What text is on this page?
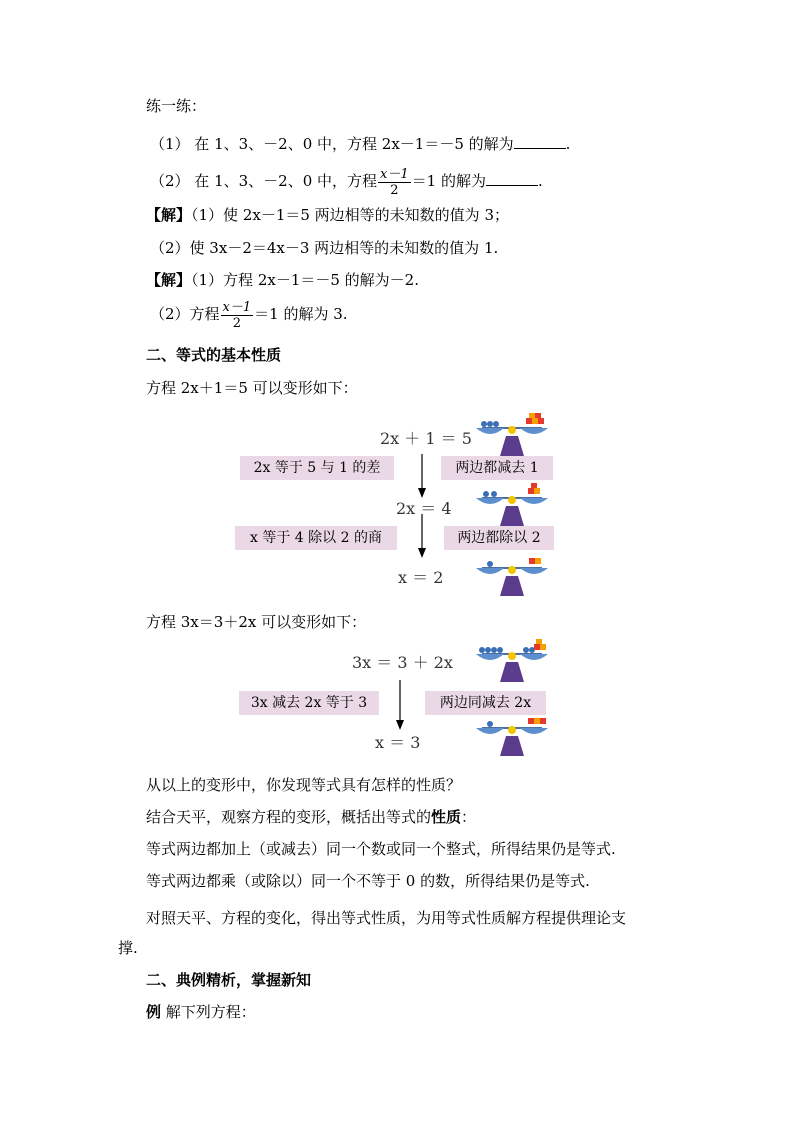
练一练：
（1） 在 1、3、－2、0 中，方程 2x－1＝－5 的解为	.
（2） 在 1、3、－2、0 中，方程 $\frac{x-1}{2} =1$ 的解为	.
【解】（1）使 2x－1＝5 两边相等的未知数的值为 3；
（2）使 3x－2＝4x－3 两边相等的未知数的值为 1.
【解】（1）方程 2x－1＝－5 的解为－2.
（2）方程 $\frac{x-1}{2} =1$ 的解为 3.
二、等式的基本性质
方程 2x＋1＝5 可以变形如下：
2x ＋ 1 ＝ 5
2x ＝ 4
x ＝ 2
2x 等于 5 与 1 的差	两边都减去 1
x 等于 4 除以 2 的商	两边都除以 2
方程 3x＝3＋2x 可以变形如下：
3x ＝ 3 ＋ 2x
x ＝ 3
3x 减去 2x 等于 3	两边同减去 2x
从以上的变形中，你发现等式具有怎样的性质？
结合天平，观察方程的变形，概括出等式的性质：
等式两边都加上（或减去）同一个数或同一个整式，所得结果仍是等式.
等式两边都乘（或除以）同一个不等于 0 的数，所得结果仍是等式.
对照天平、方程的变化，得出等式性质，为用等式性质解方程提供理论支
撑.
二、典例精析，掌握新知
例 解下列方程：
